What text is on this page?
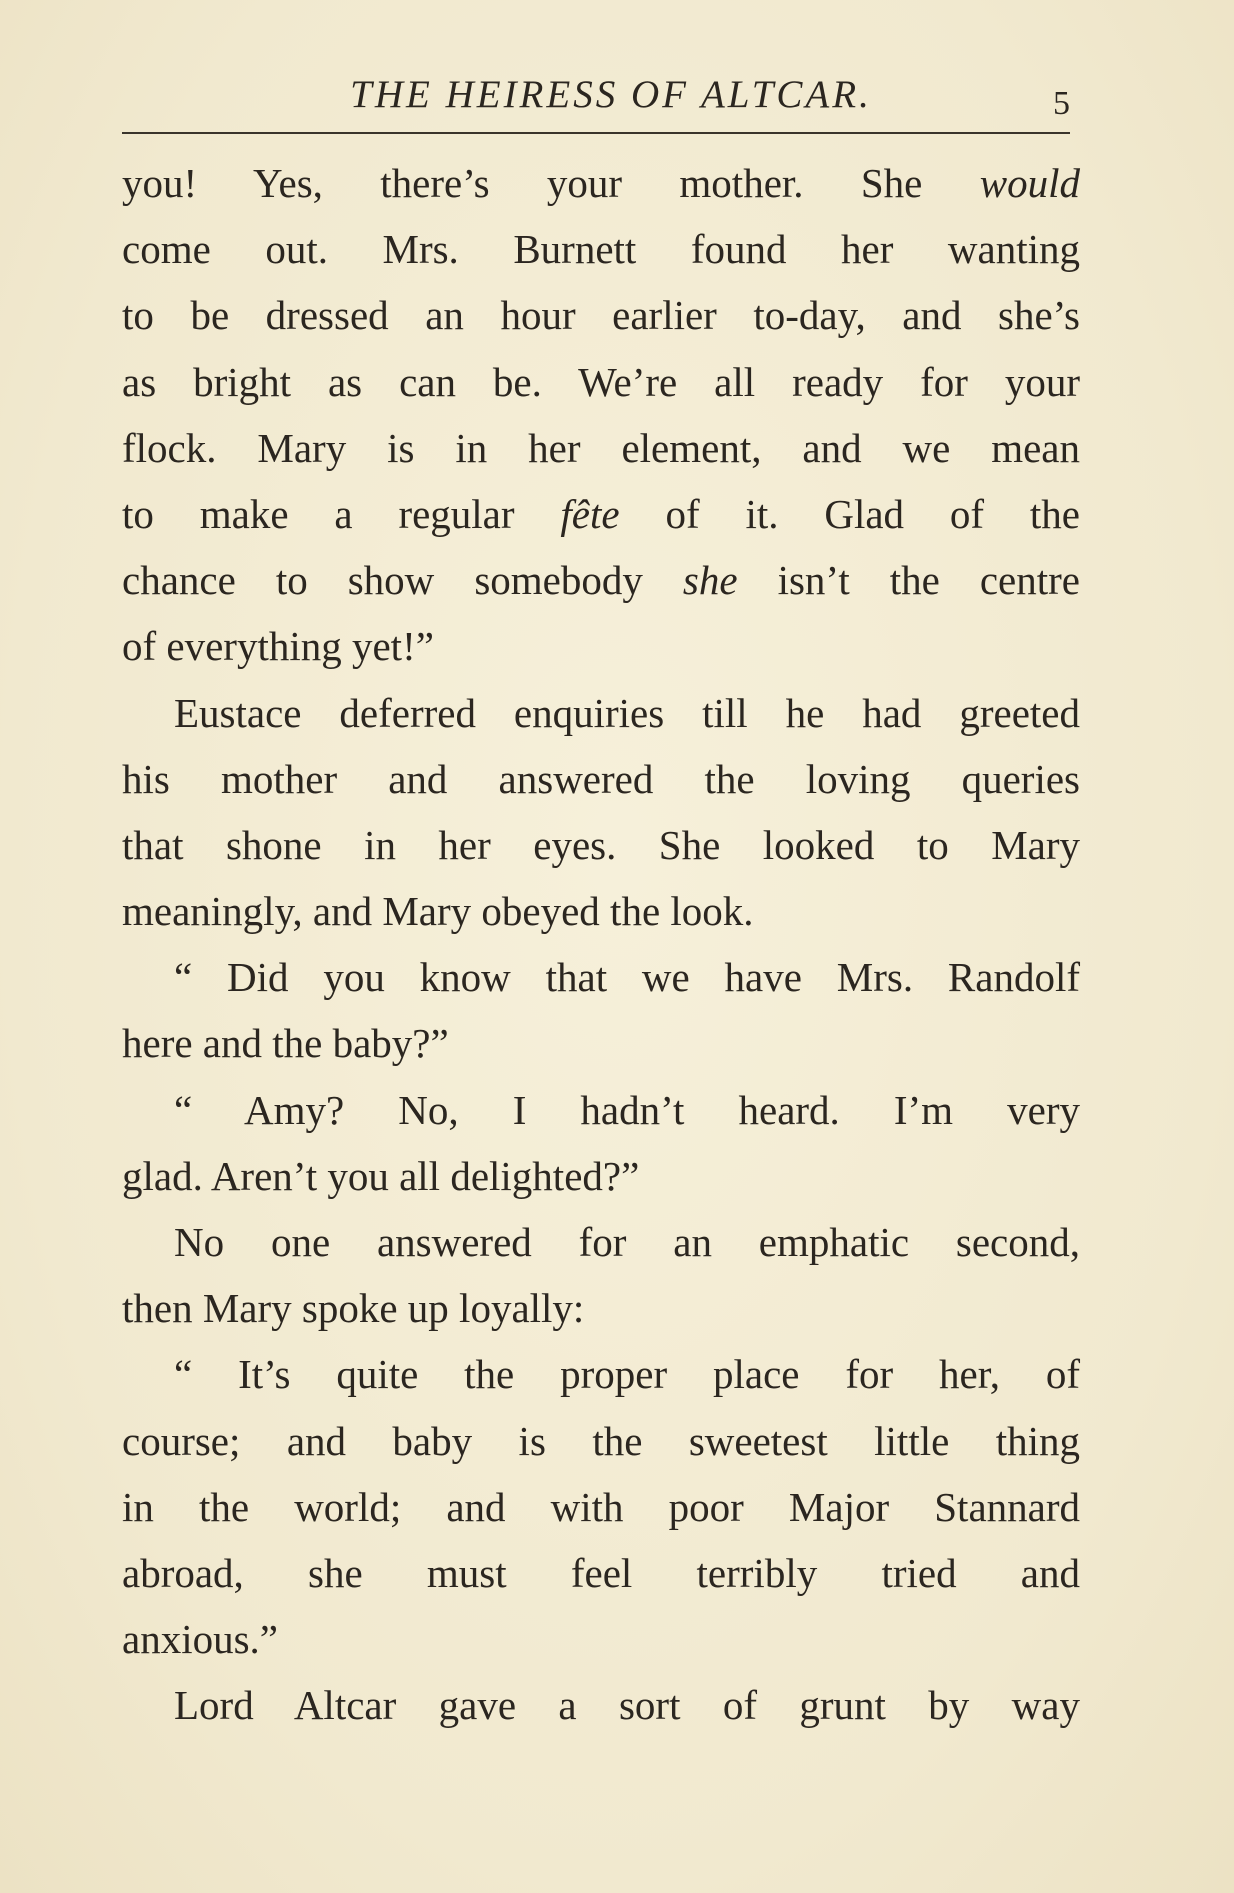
THE HEIRESS OF ALTCAR.	5
you! Yes, there’s your mother. She would
come out. Mrs. Burnett found her wanting
to be dressed an hour earlier to-day, and she’s
as bright as can be. We’re all ready for your
flock. Mary is in her element, and we mean
to make a regular fête of it. Glad of the
chance to show somebody she isn’t the centre
of everything yet!”
Eustace deferred enquiries till he had greeted
his mother and answered the loving queries
that shone in her eyes. She looked to Mary
meaningly, and Mary obeyed the look.
“ Did you know that we have Mrs. Randolf
here and the baby?”
“ Amy? No, I hadn’t heard. I’m very
glad. Aren’t you all delighted?”
No one answered for an emphatic second,
then Mary spoke up loyally:
“ It’s quite the proper place for her, of
course; and baby is the sweetest little thing
in the world; and with poor Major Stannard
abroad, she must feel terribly tried and
anxious.”
Lord Altcar gave a sort of grunt by way
